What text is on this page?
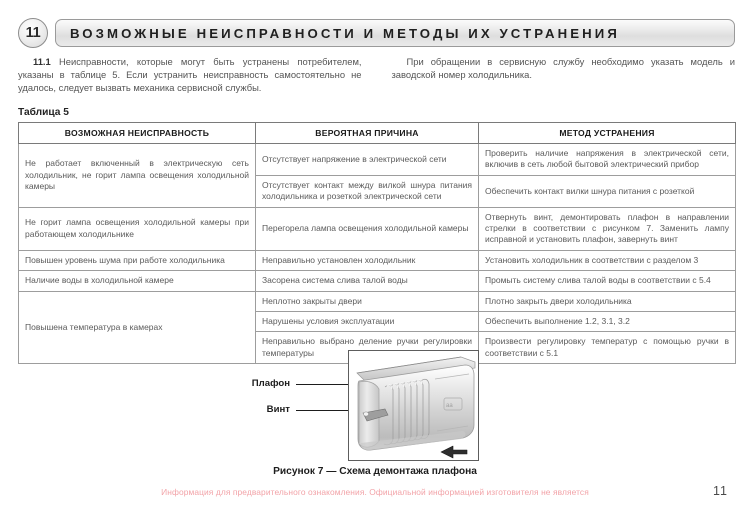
11	ВОЗМОЖНЫЕ НЕИСПРАВНОСТИ И МЕТОДЫ ИХ УСТРАНЕНИЯ

11.1 Неисправности, которые могут быть устранены потребителем, указаны в таблице 5. Если устранить неисправность самостоятельно не удалось, следует вызвать механика сервисной службы.

При обращении в сервисную службу необходимо указать модель и заводской номер холодильника.

Таблица 5
ВОЗМОЖНАЯ НЕИСПРАВНОСТЬ	ВЕРОЯТНАЯ ПРИЧИНА	МЕТОД УСТРАНЕНИЯ
Не работает включенный в электрическую сеть холодильник, не горит лампа освещения холодильной камеры	Отсутствует напряжение в электрической сети	Проверить наличие напряжения в электрической сети, включив в сеть любой бытовой электрический прибор
	Отсутствует контакт между вилкой шнура питания холодильника и розеткой электрической сети	Обеспечить контакт вилки шнура питания с розеткой
Не горит лампа освещения холодильной камеры при работающем холодильнике	Перегорела лампа освещения холодильной камеры	Отвернуть винт, демонтировать плафон в направлении стрелки в соответствии с рисунком 7. Заменить лампу исправной и установить плафон, завернуть винт
Повышен уровень шума при работе холодильника	Неправильно установлен холодильник	Установить холодильник в соответствии с разделом 3
Наличие воды в холодильной камере	Засорена система слива талой воды	Промыть систему слива талой воды в соответствии с 5.4
Повышена температура в камерах	Неплотно закрыты двери	Плотно закрыть двери холодильника
	Нарушены условия эксплуатации	Обеспечить выполнение 1.2, 3.1, 3.2
	Неправильно выбрано деление ручки регулировки температуры	Произвести регулировку температур с помощью ручки в соответствии с 5.1
Плафон
Винт	aa
Рисунок 7 — Схема демонтажа плафона
Информация для предварительного ознакомления. Официальной информацией изготовителя не является	11
